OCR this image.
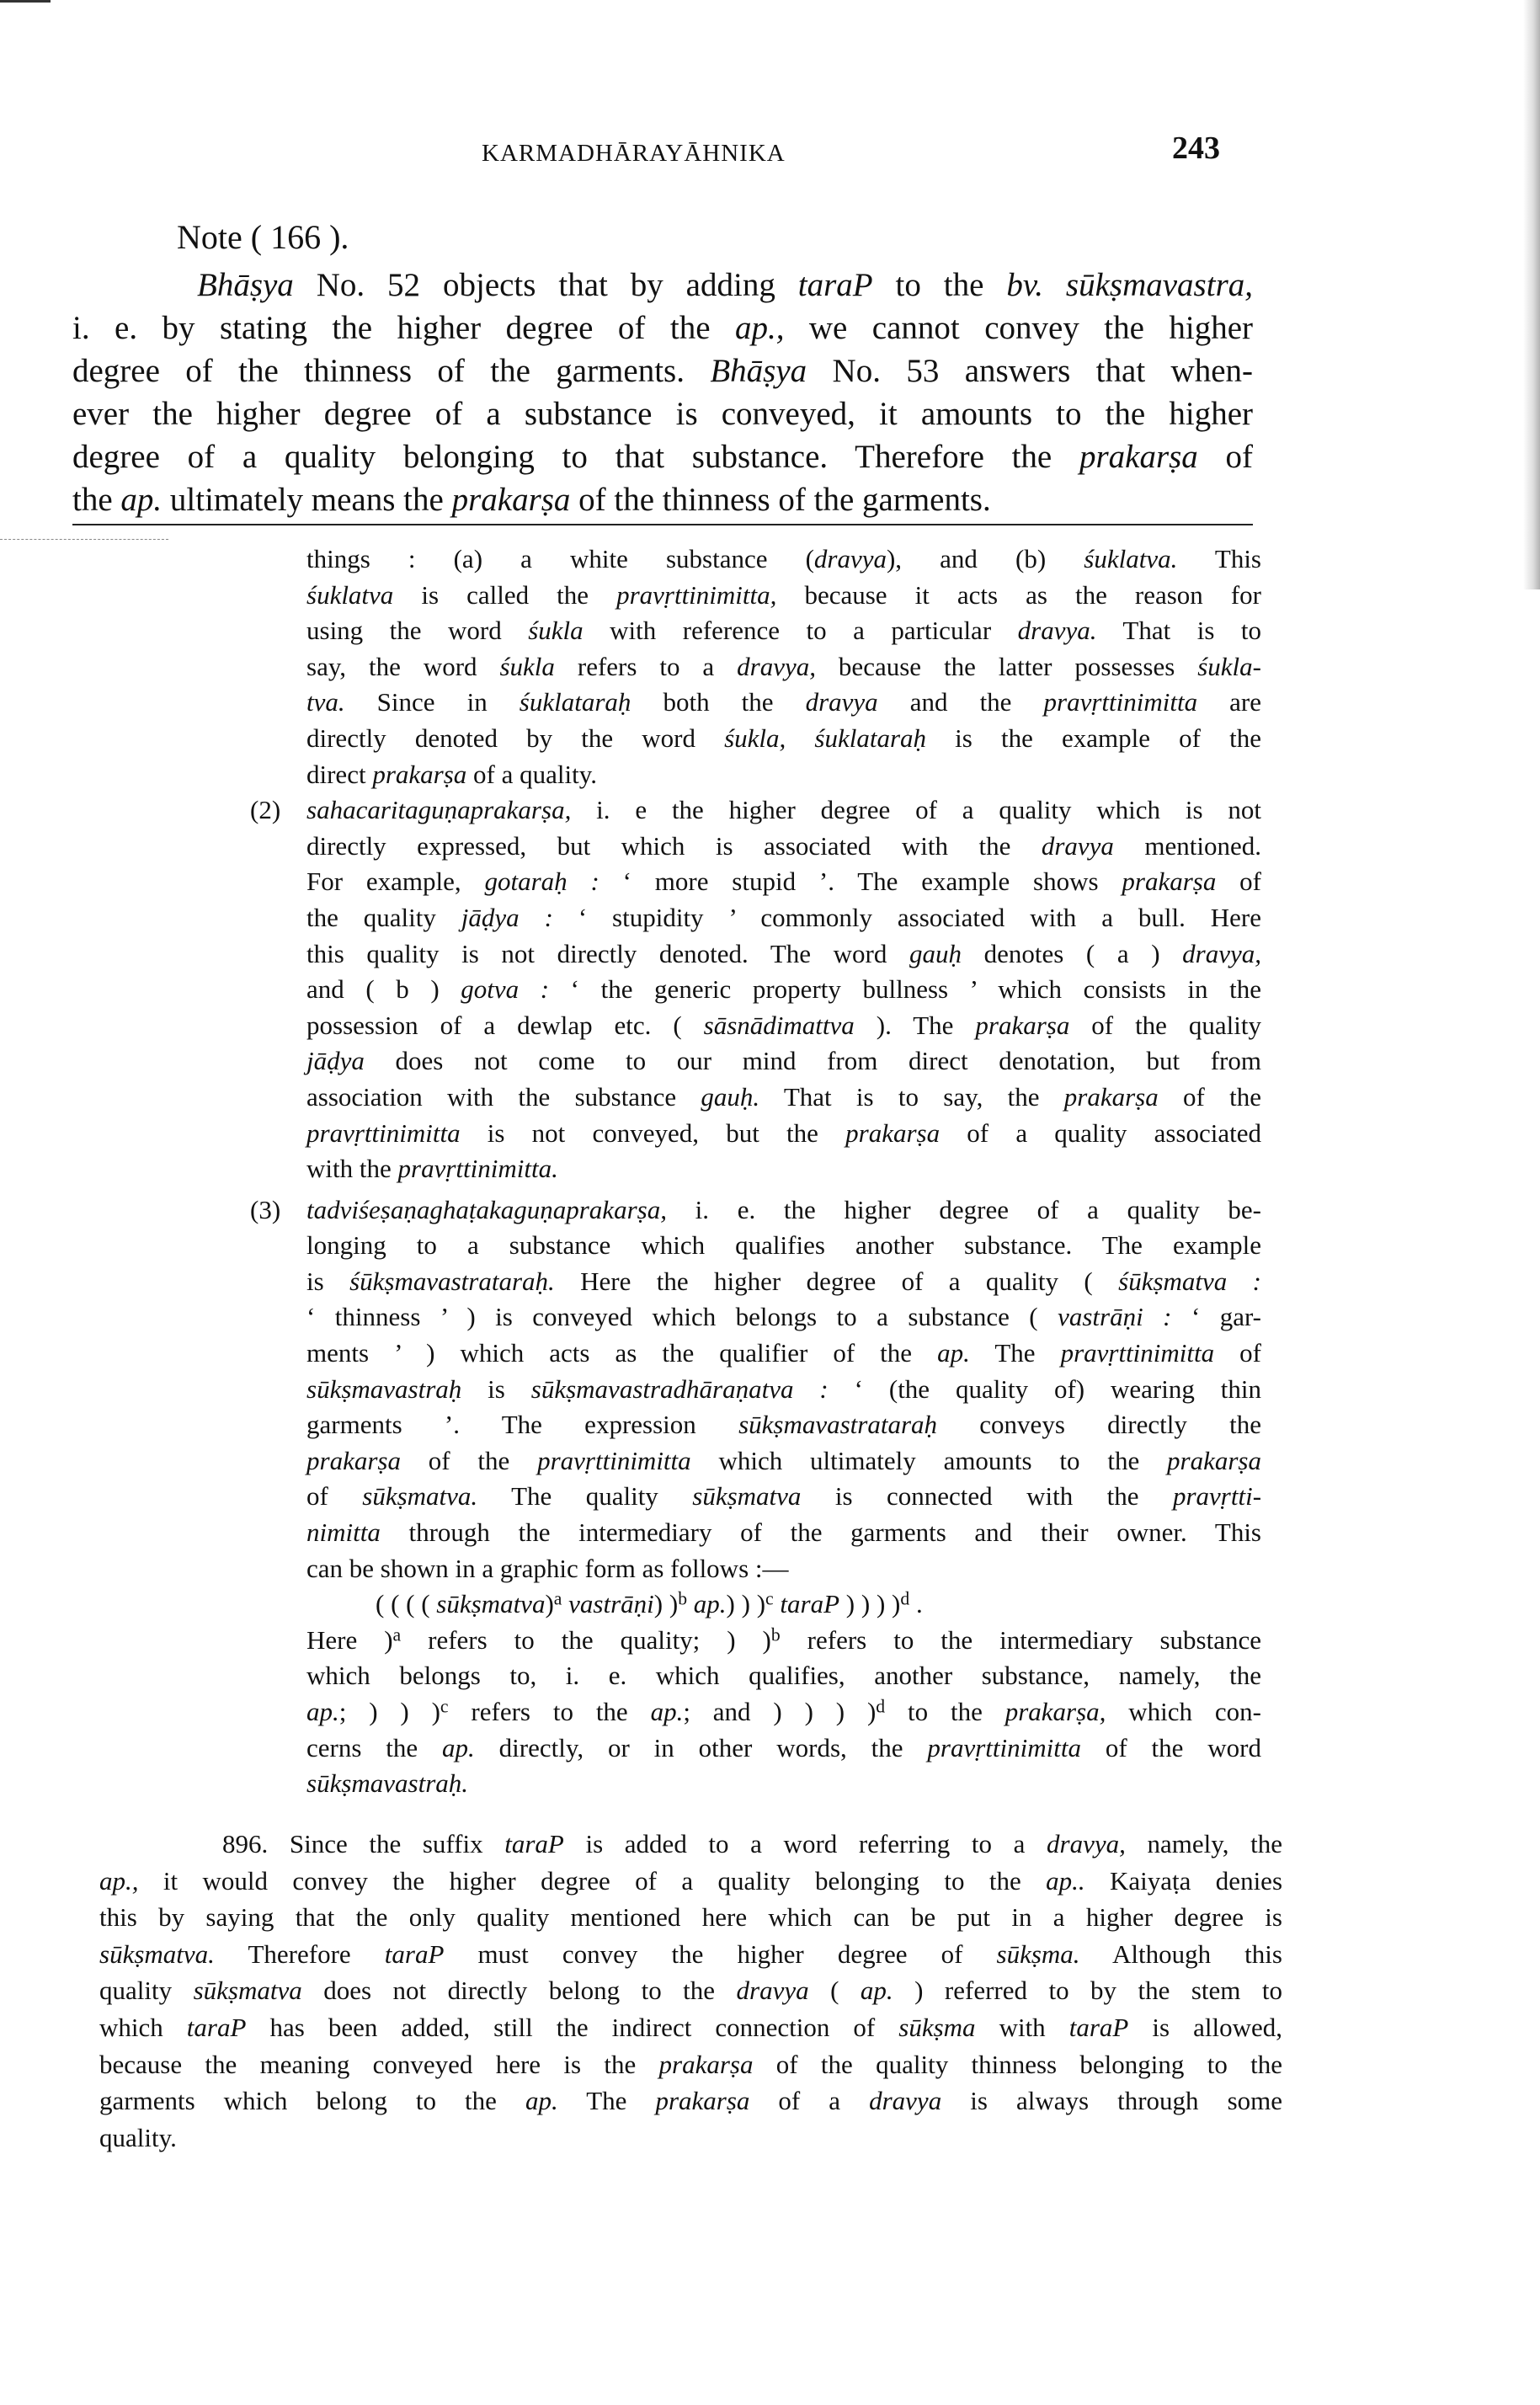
KARMADHĀRAYĀHNIKA	243
Note ( 166 ).
Bhāṣya No. 52 objects that by adding taraP to the bv. sūkṣmavastra,
i. e. by stating the higher degree of the ap., we cannot convey the higher
degree of the thinness of the garments. Bhāṣya No. 53 answers that when-
ever the higher degree of a substance is conveyed, it amounts to the higher
degree of a quality belonging to that substance. Therefore the prakarṣa of
the ap. ultimately means the prakarṣa of the thinness of the garments.
things : (a) a white substance (dravya), and (b) śuklatva. This
śuklatva is called the pravṛttinimitta, because it acts as the reason for
using the word śukla with reference to a particular dravya. That is to
say, the word śukla refers to a dravya, because the latter possesses śukla-
tva. Since in śuklataraḥ both the dravya and the pravṛttinimitta are
directly denoted by the word śukla, śuklataraḥ is the example of the
direct prakarṣa of a quality.
(2) sahacaritaguṇaprakarṣa, i. e the higher degree of a quality which is not
directly expressed, but which is associated with the dravya mentioned.
For example, gotaraḥ : ‘ more stupid ’. The example shows prakarṣa of
the quality jāḍya : ‘ stupidity ’ commonly associated with a bull. Here
this quality is not directly denoted. The word gauḥ denotes ( a ) dravya,
and ( b ) gotva : ‘ the generic property bullness ’ which consists in the
possession of a dewlap etc. ( sāsnādimattva ). The prakarṣa of the quality
jāḍya does not come to our mind from direct denotation, but from
association with the substance gauḥ. That is to say, the prakarṣa of the
pravṛttinimitta is not conveyed, but the prakarṣa of a quality associated
with the pravṛttinimitta.
(3) tadviśeṣaṇaghaṭakaguṇaprakarṣa, i. e. the higher degree of a quality be-
longing to a substance which qualifies another substance. The example
is śūkṣmavastrataraḥ. Here the higher degree of a quality ( śūkṣmatva :
‘ thinness ’ ) is conveyed which belongs to a substance ( vastrāṇi : ‘ gar-
ments ’ ) which acts as the qualifier of the ap. The pravṛttinimitta of
sūkṣmavastraḥ is sūkṣmavastradhāraṇatva : ‘ (the quality of) wearing thin
garments ’. The expression sūkṣmavastrataraḥ conveys directly the
prakarṣa of the pravṛttinimitta which ultimately amounts to the prakarṣa
of sūkṣmatva. The quality sūkṣmatva is connected with the pravṛtti-
nimitta through the intermediary of the garments and their owner. This
can be shown in a graphic form as follows :—
( ( ( ( sūkṣmatva)$^a$ vastrāṇi) )$^b$ ap.) ) )$^c$ taraP ) ) ) )$^d$ .
Here )$^a$ refers to the quality; ) )$^b$ refers to the intermediary substance
which belongs to, i. e. which qualifies, another substance, namely, the
ap.; ) ) )$^c$ refers to the ap.; and ) ) ) )$^d$ to the prakarṣa, which con-
cerns the ap. directly, or in other words, the pravṛttinimitta of the word
sūkṣmavastraḥ.
896. Since the suffix taraP is added to a word referring to a dravya, namely, the
ap., it would convey the higher degree of a quality belonging to the ap.. Kaiyaṭa denies
this by saying that the only quality mentioned here which can be put in a higher degree is
sūkṣmatva. Therefore taraP must convey the higher degree of sūkṣma. Although this
quality sūkṣmatva does not directly belong to the dravya ( ap. ) referred to by the stem to
which taraP has been added, still the indirect connection of sūkṣma with taraP is allowed,
because the meaning conveyed here is the prakarṣa of the quality thinness belonging to the
garments which belong to the ap. The prakarṣa of a dravya is always through some
quality.
